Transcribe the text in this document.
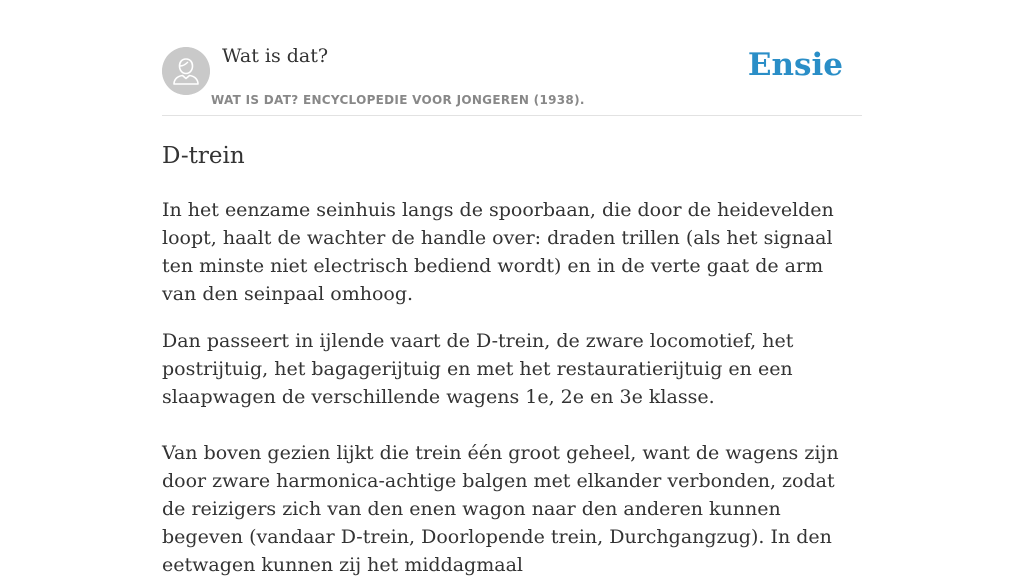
Wat is dat?
WAT IS DAT? ENCYCLOPEDIE VOOR JONGEREN (1938).
Ensie
D-trein

In het eenzame seinhuis langs de spoorbaan, die door de heidevelden loopt, haalt de wachter de handle over: draden trillen (als het signaal ten minste niet electrisch bediend wordt) en in de verte gaat de arm van den seinpaal omhoog.

Dan passeert in ijlende vaart de D-trein, de zware locomotief, het postrijtuig, het bagagerijtuig en met het restauratierijtuig en een slaapwagen de verschillende wagens 1e, 2e en 3e klasse.

Van boven gezien lijkt die trein één groot geheel, want de wagens zijn door zware harmonica-achtige balgen met elkander verbonden, zodat de reizigers zich van den enen wagon naar den anderen kunnen begeven (vandaar D-trein, Doorlopende trein, Durchgangzug). In den eetwagen kunnen zij het middagmaal
